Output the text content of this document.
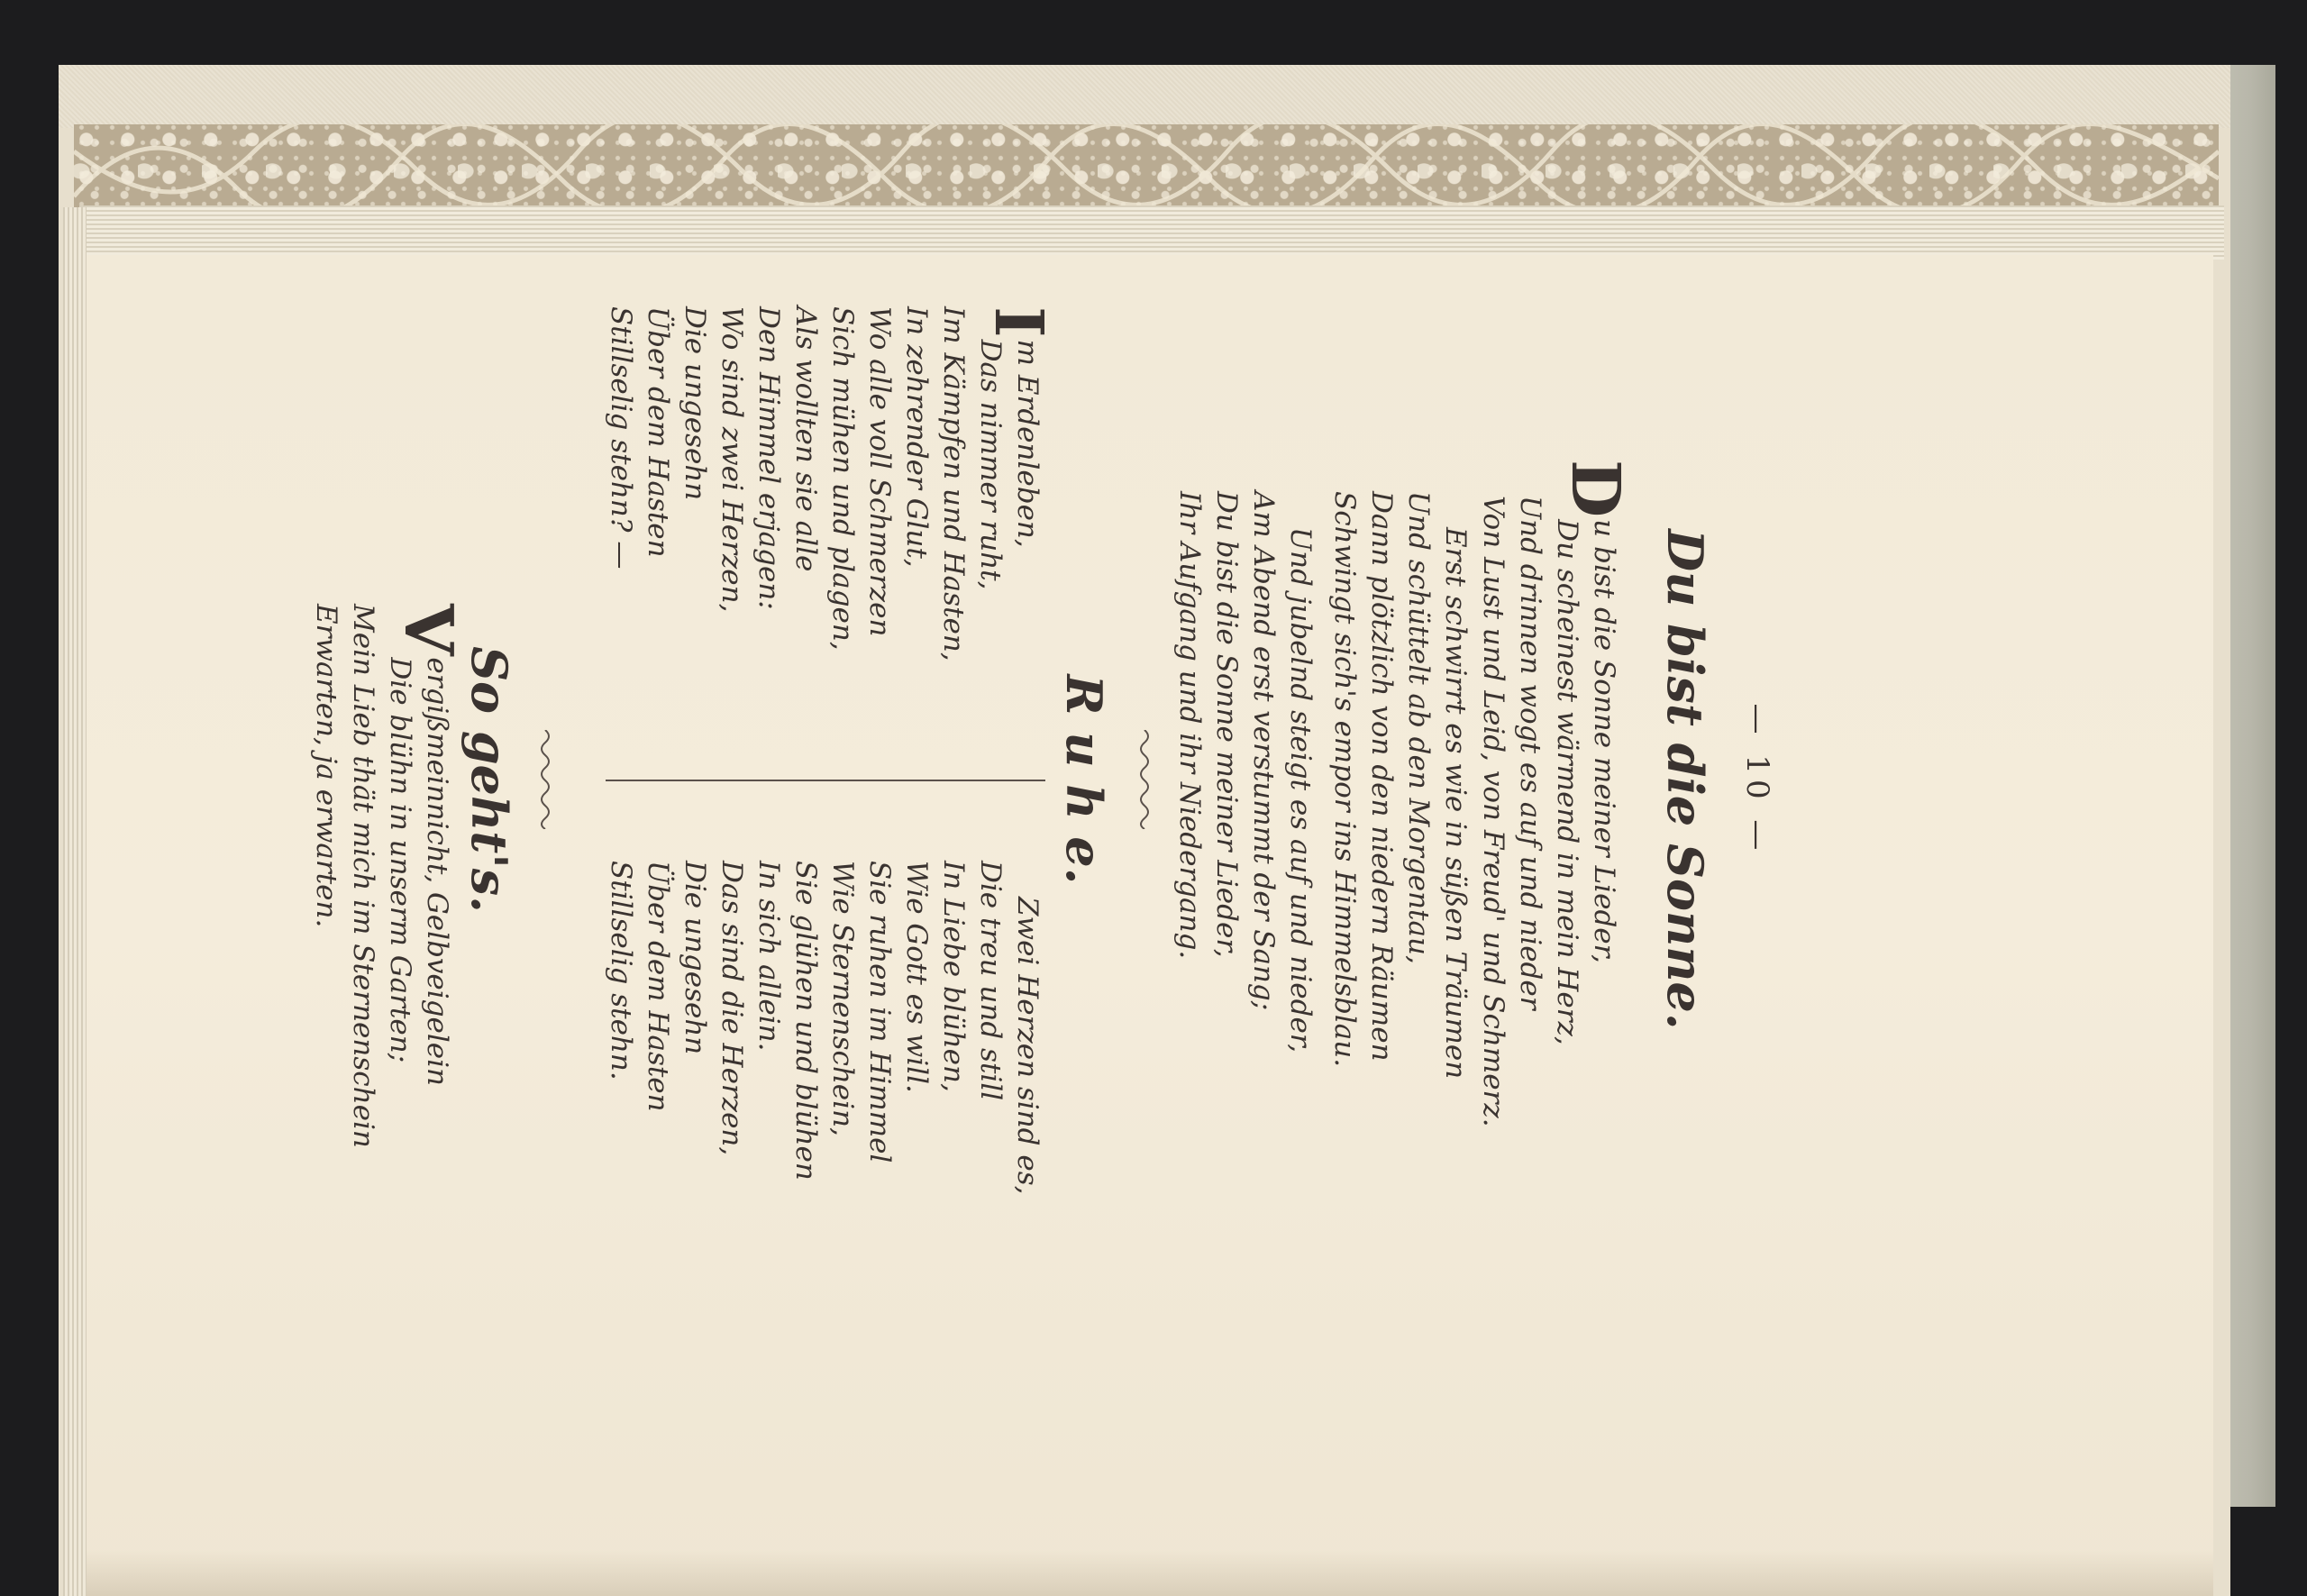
— 10 —
Du bist die Sonne.
Du bist die Sonne meiner Lieder,
Du scheinest wärmend in mein Herz,
Und drinnen wogt es auf und nieder
Von Lust und Leid, von Freud' und Schmerz.
Erst schwirrt es wie in süßen Träumen
Und schüttelt ab den Morgentau,
Dann plötzlich von den niedern Räumen
Schwingt sich's empor ins Himmelsblau.
Und jubelnd steigt es auf und nieder,
Am Abend erst verstummt der Sang;
Du bist die Sonne meiner Lieder,
Ihr Aufgang und ihr Niedergang.
R u h e.
Im Erdenleben,
Das nimmer ruht,
Im Kämpfen und Hasten,
In zehrender Glut,
Wo alle voll Schmerzen
Sich mühen und plagen,
Als wollten sie alle
Den Himmel erjagen:
Wo sind zwei Herzen,
Die ungesehn
Über dem Hasten
Stillselig stehn? —
Zwei Herzen sind es,
Die treu und still
In Liebe blühen,
Wie Gott es will.
Sie ruhen im Himmel
Wie Sternenschein,
Sie glühen und blühen
In sich allein.
Das sind die Herzen,
Die ungesehn
Über dem Hasten
Stillselig stehn.
So geht's.
Vergißmeinnicht, Gelbveigelein
Die blühn in unserm Garten;
Mein Lieb thät mich im Sternenschein
Erwarten, ja erwarten.
